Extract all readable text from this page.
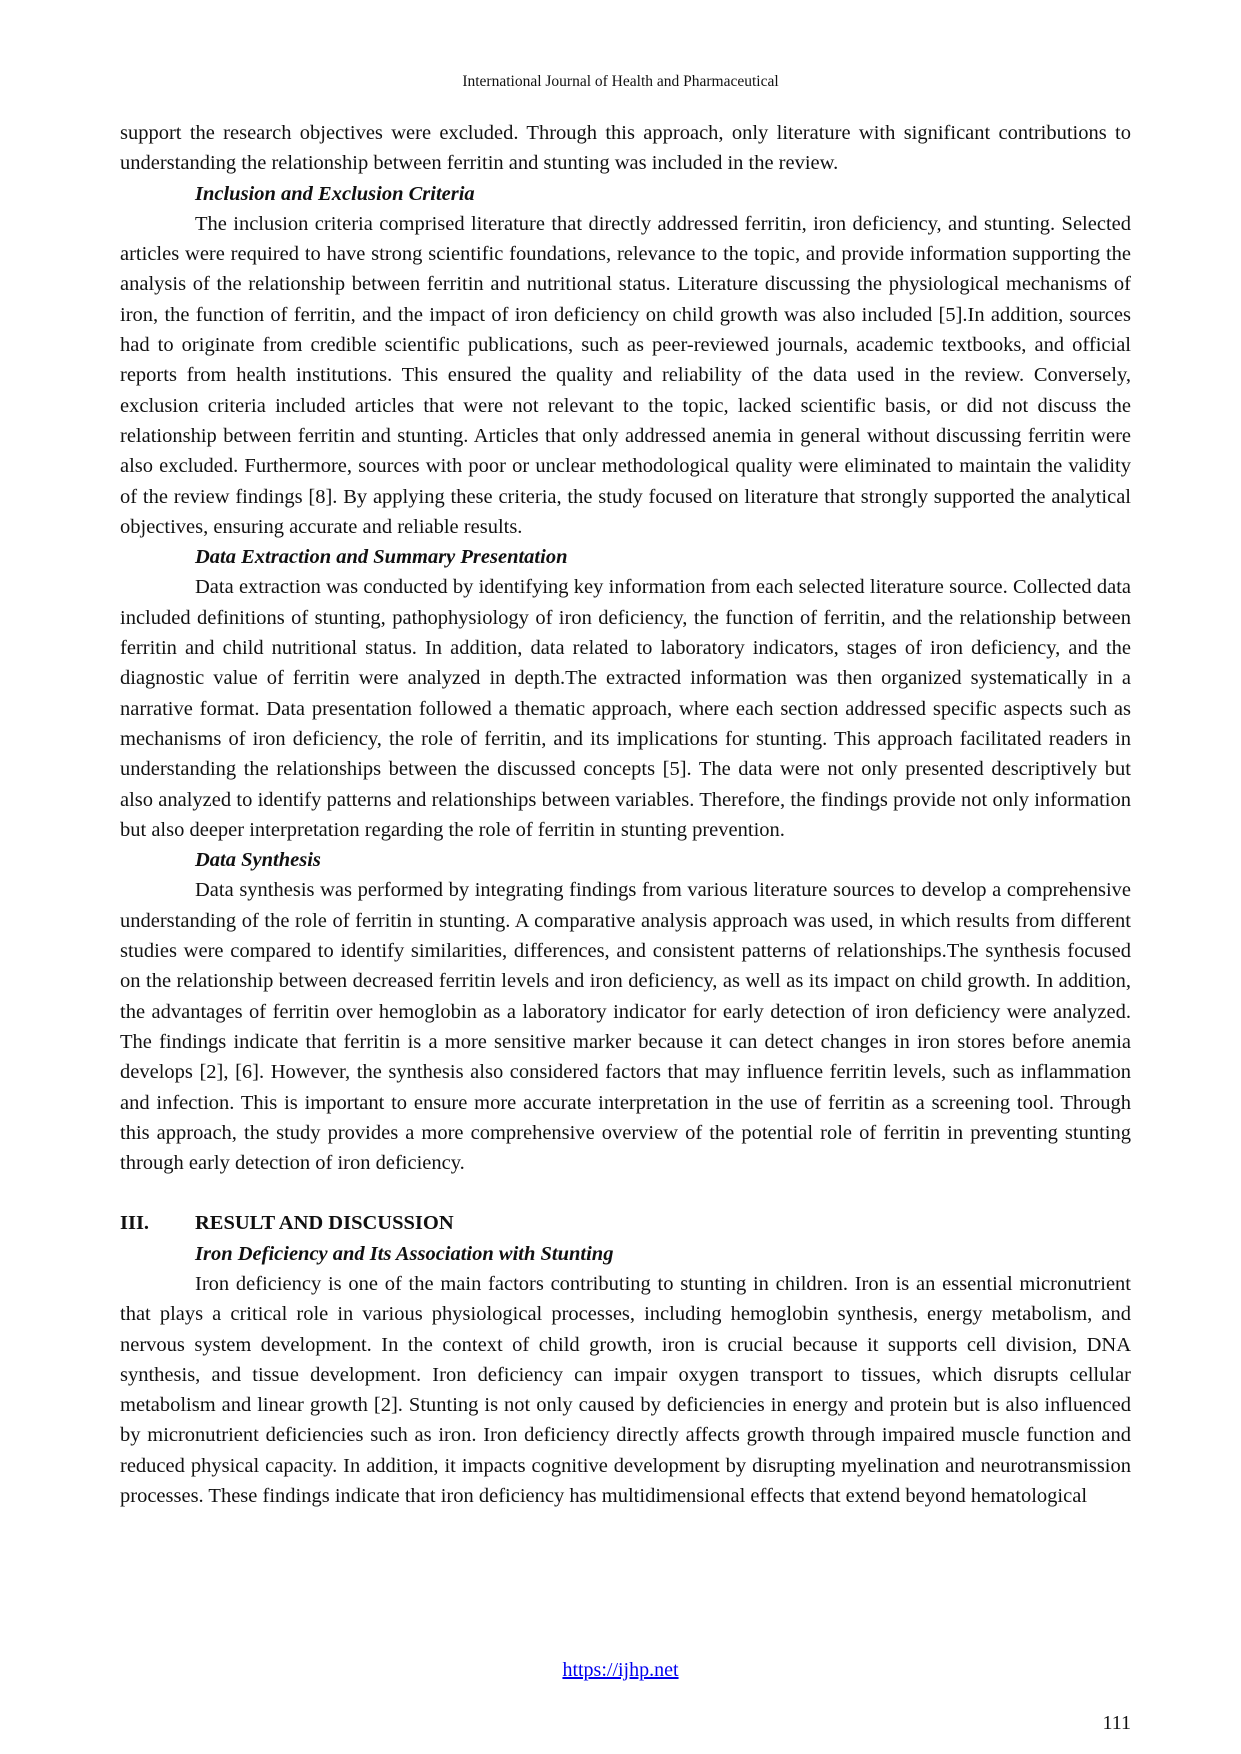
International Journal of Health and Pharmaceutical

support the research objectives were excluded. Through this approach, only literature with significant contributions to understanding the relationship between ferritin and stunting was included in the review.

Inclusion and Exclusion Criteria

The inclusion criteria comprised literature that directly addressed ferritin, iron deficiency, and stunting. Selected articles were required to have strong scientific foundations, relevance to the topic, and provide information supporting the analysis of the relationship between ferritin and nutritional status. Literature discussing the physiological mechanisms of iron, the function of ferritin, and the impact of iron deficiency on child growth was also included [5].In addition, sources had to originate from credible scientific publications, such as peer-reviewed journals, academic textbooks, and official reports from health institutions. This ensured the quality and reliability of the data used in the review. Conversely, exclusion criteria included articles that were not relevant to the topic, lacked scientific basis, or did not discuss the relationship between ferritin and stunting. Articles that only addressed anemia in general without discussing ferritin were also excluded. Furthermore, sources with poor or unclear methodological quality were eliminated to maintain the validity of the review findings [8]. By applying these criteria, the study focused on literature that strongly supported the analytical objectives, ensuring accurate and reliable results.

Data Extraction and Summary Presentation

Data extraction was conducted by identifying key information from each selected literature source. Collected data included definitions of stunting, pathophysiology of iron deficiency, the function of ferritin, and the relationship between ferritin and child nutritional status. In addition, data related to laboratory indicators, stages of iron deficiency, and the diagnostic value of ferritin were analyzed in depth.The extracted information was then organized systematically in a narrative format. Data presentation followed a thematic approach, where each section addressed specific aspects such as mechanisms of iron deficiency, the role of ferritin, and its implications for stunting. This approach facilitated readers in understanding the relationships between the discussed concepts [5]. The data were not only presented descriptively but also analyzed to identify patterns and relationships between variables. Therefore, the findings provide not only information but also deeper interpretation regarding the role of ferritin in stunting prevention.

Data Synthesis

Data synthesis was performed by integrating findings from various literature sources to develop a comprehensive understanding of the role of ferritin in stunting. A comparative analysis approach was used, in which results from different studies were compared to identify similarities, differences, and consistent patterns of relationships.The synthesis focused on the relationship between decreased ferritin levels and iron deficiency, as well as its impact on child growth. In addition, the advantages of ferritin over hemoglobin as a laboratory indicator for early detection of iron deficiency were analyzed. The findings indicate that ferritin is a more sensitive marker because it can detect changes in iron stores before anemia develops [2], [6]. However, the synthesis also considered factors that may influence ferritin levels, such as inflammation and infection. This is important to ensure more accurate interpretation in the use of ferritin as a screening tool. Through this approach, the study provides a more comprehensive overview of the potential role of ferritin in preventing stunting through early detection of iron deficiency.

III.	RESULT AND DISCUSSION
Iron Deficiency and Its Association with Stunting

Iron deficiency is one of the main factors contributing to stunting in children. Iron is an essential micronutrient that plays a critical role in various physiological processes, including hemoglobin synthesis, energy metabolism, and nervous system development. In the context of child growth, iron is crucial because it supports cell division, DNA synthesis, and tissue development. Iron deficiency can impair oxygen transport to tissues, which disrupts cellular metabolism and linear growth [2]. Stunting is not only caused by deficiencies in energy and protein but is also influenced by micronutrient deficiencies such as iron. Iron deficiency directly affects growth through impaired muscle function and reduced physical capacity. In addition, it impacts cognitive development by disrupting myelination and neurotransmission processes. These findings indicate that iron deficiency has multidimensional effects that extend beyond hematological

https://ijhp.net
111
